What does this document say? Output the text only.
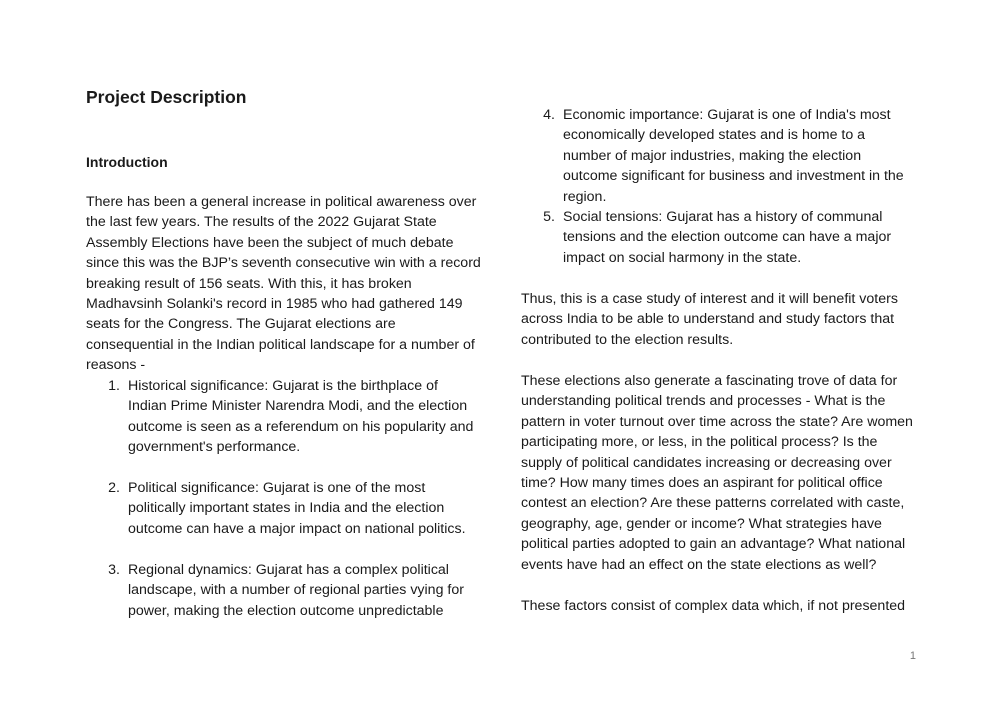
Project Description
Introduction

There has been a general increase in political awareness over the last few years. The results of the 2022 Gujarat State Assembly Elections have been the subject of much debate since this was the BJP’s seventh consecutive win with a record breaking result of 156 seats. With this, it has broken Madhavsinh Solanki's record in 1985 who had gathered 149 seats for the Congress. The Gujarat elections are consequential in the Indian political landscape for a number of reasons -

1. Historical significance: Gujarat is the birthplace of Indian Prime Minister Narendra Modi, and the election outcome is seen as a referendum on his popularity and government's performance.
2. Political significance: Gujarat is one of the most politically important states in India and the election outcome can have a major impact on national politics.
3. Regional dynamics: Gujarat has a complex political landscape, with a number of regional parties vying for power, making the election outcome unpredictable
4. Economic importance: Gujarat is one of India's most economically developed states and is home to a number of major industries, making the election outcome significant for business and investment in the region.
5. Social tensions: Gujarat has a history of communal tensions and the election outcome can have a major impact on social harmony in the state.

Thus, this is a case study of interest and it will benefit voters across India to be able to understand and study factors that contributed to the election results.

These elections also generate a fascinating trove of data for understanding political trends and processes - What is the pattern in voter turnout over time across the state? Are women participating more, or less, in the political process? Is the supply of political candidates increasing or decreasing over time? How many times does an aspirant for political office contest an election? Are these patterns correlated with caste, geography, age, gender or income? What strategies have political parties adopted to gain an advantage? What national events have had an effect on the state elections as well?

These factors consist of complex data which, if not presented

1
